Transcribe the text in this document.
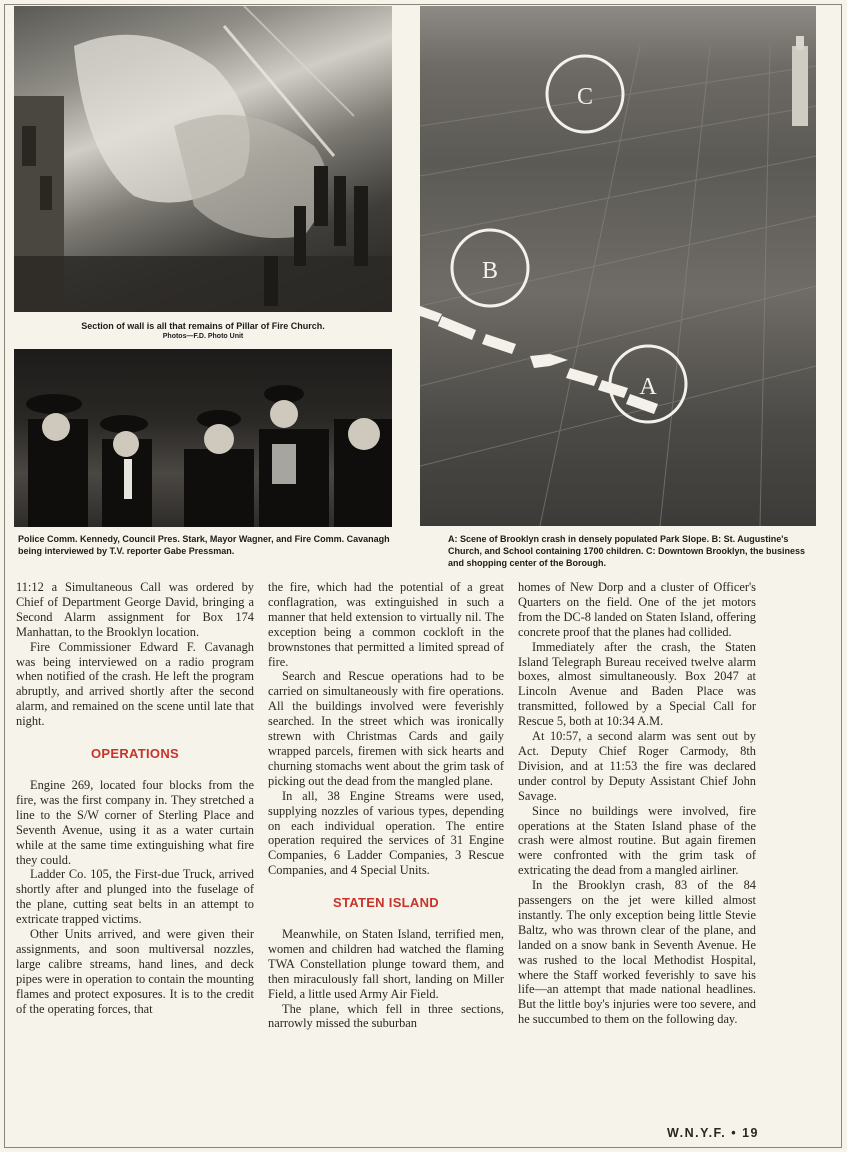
Section of wall is all that remains of Pillar of Fire Church.
Photos—F.D. Photo Unit
Police Comm. Kennedy, Council Pres. Stark, Mayor Wagner, and Fire Comm. Cavanagh being interviewed by T.V. reporter Gabe Pressman.
C
B
A
A: Scene of Brooklyn crash in densely populated Park Slope. B: St. Augustine's Church, and School containing 1700 children. C: Downtown Brooklyn, the business and shopping center of the Borough.

11:12 a Simultaneous Call was ordered by Chief of Department George David, bringing a Second Alarm assignment for Box 174 Manhattan, to the Brooklyn location.

Fire Commissioner Edward F. Cavanagh was being interviewed on a radio program when notified of the crash. He left the program abruptly, and arrived shortly after the second alarm, and remained on the scene until late that night.

OPERATIONS

Engine 269, located four blocks from the fire, was the first company in. They stretched a line to the S/W corner of Sterling Place and Seventh Avenue, using it as a water curtain while at the same time extinguishing what fire they could.

Ladder Co. 105, the First-due Truck, arrived shortly after and plunged into the fuselage of the plane, cutting seat belts in an attempt to extricate trapped victims.

Other Units arrived, and were given their assignments, and soon multiversal nozzles, large calibre streams, hand lines, and deck pipes were in operation to contain the mounting flames and protect exposures. It is to the credit of the operating forces, that

the fire, which had the potential of a great conflagration, was extinguished in such a manner that held extension to virtually nil. The exception being a common cockloft in the brownstones that permitted a limited spread of fire.

Search and Rescue operations had to be carried on simultaneously with fire operations. All the buildings involved were feverishly searched. In the street which was ironically strewn with Christmas Cards and gaily wrapped parcels, firemen with sick hearts and churning stomachs went about the grim task of picking out the dead from the mangled plane.

In all, 38 Engine Streams were used, supplying nozzles of various types, depending on each individual operation. The entire operation required the services of 31 Engine Companies, 6 Ladder Companies, 3 Rescue Companies, and 4 Special Units.

STATEN ISLAND

Meanwhile, on Staten Island, terrified men, women and children had watched the flaming TWA Constellation plunge toward them, and then miraculously fall short, landing on Miller Field, a little used Army Air Field.

The plane, which fell in three sections, narrowly missed the suburban

homes of New Dorp and a cluster of Officer's Quarters on the field. One of the jet motors from the DC-8 landed on Staten Island, offering concrete proof that the planes had collided.

Immediately after the crash, the Staten Island Telegraph Bureau received twelve alarm boxes, almost simultaneously. Box 2047 at Lincoln Avenue and Baden Place was transmitted, followed by a Special Call for Rescue 5, both at 10:34 A.M.

At 10:57, a second alarm was sent out by Act. Deputy Chief Roger Carmody, 8th Division, and at 11:53 the fire was declared under control by Deputy Assistant Chief John Savage.

Since no buildings were involved, fire operations at the Staten Island phase of the crash were almost routine. But again firemen were confronted with the grim task of extricating the dead from a mangled airliner.

In the Brooklyn crash, 83 of the 84 passengers on the jet were killed almost instantly. The only exception being little Stevie Baltz, who was thrown clear of the plane, and landed on a snow bank in Seventh Avenue. He was rushed to the local Methodist Hospital, where the Staff worked feverishly to save his life—an attempt that made national headlines. But the little boy's injuries were too severe, and he succumbed to them on the following day.

W.N.Y.F. • 19
